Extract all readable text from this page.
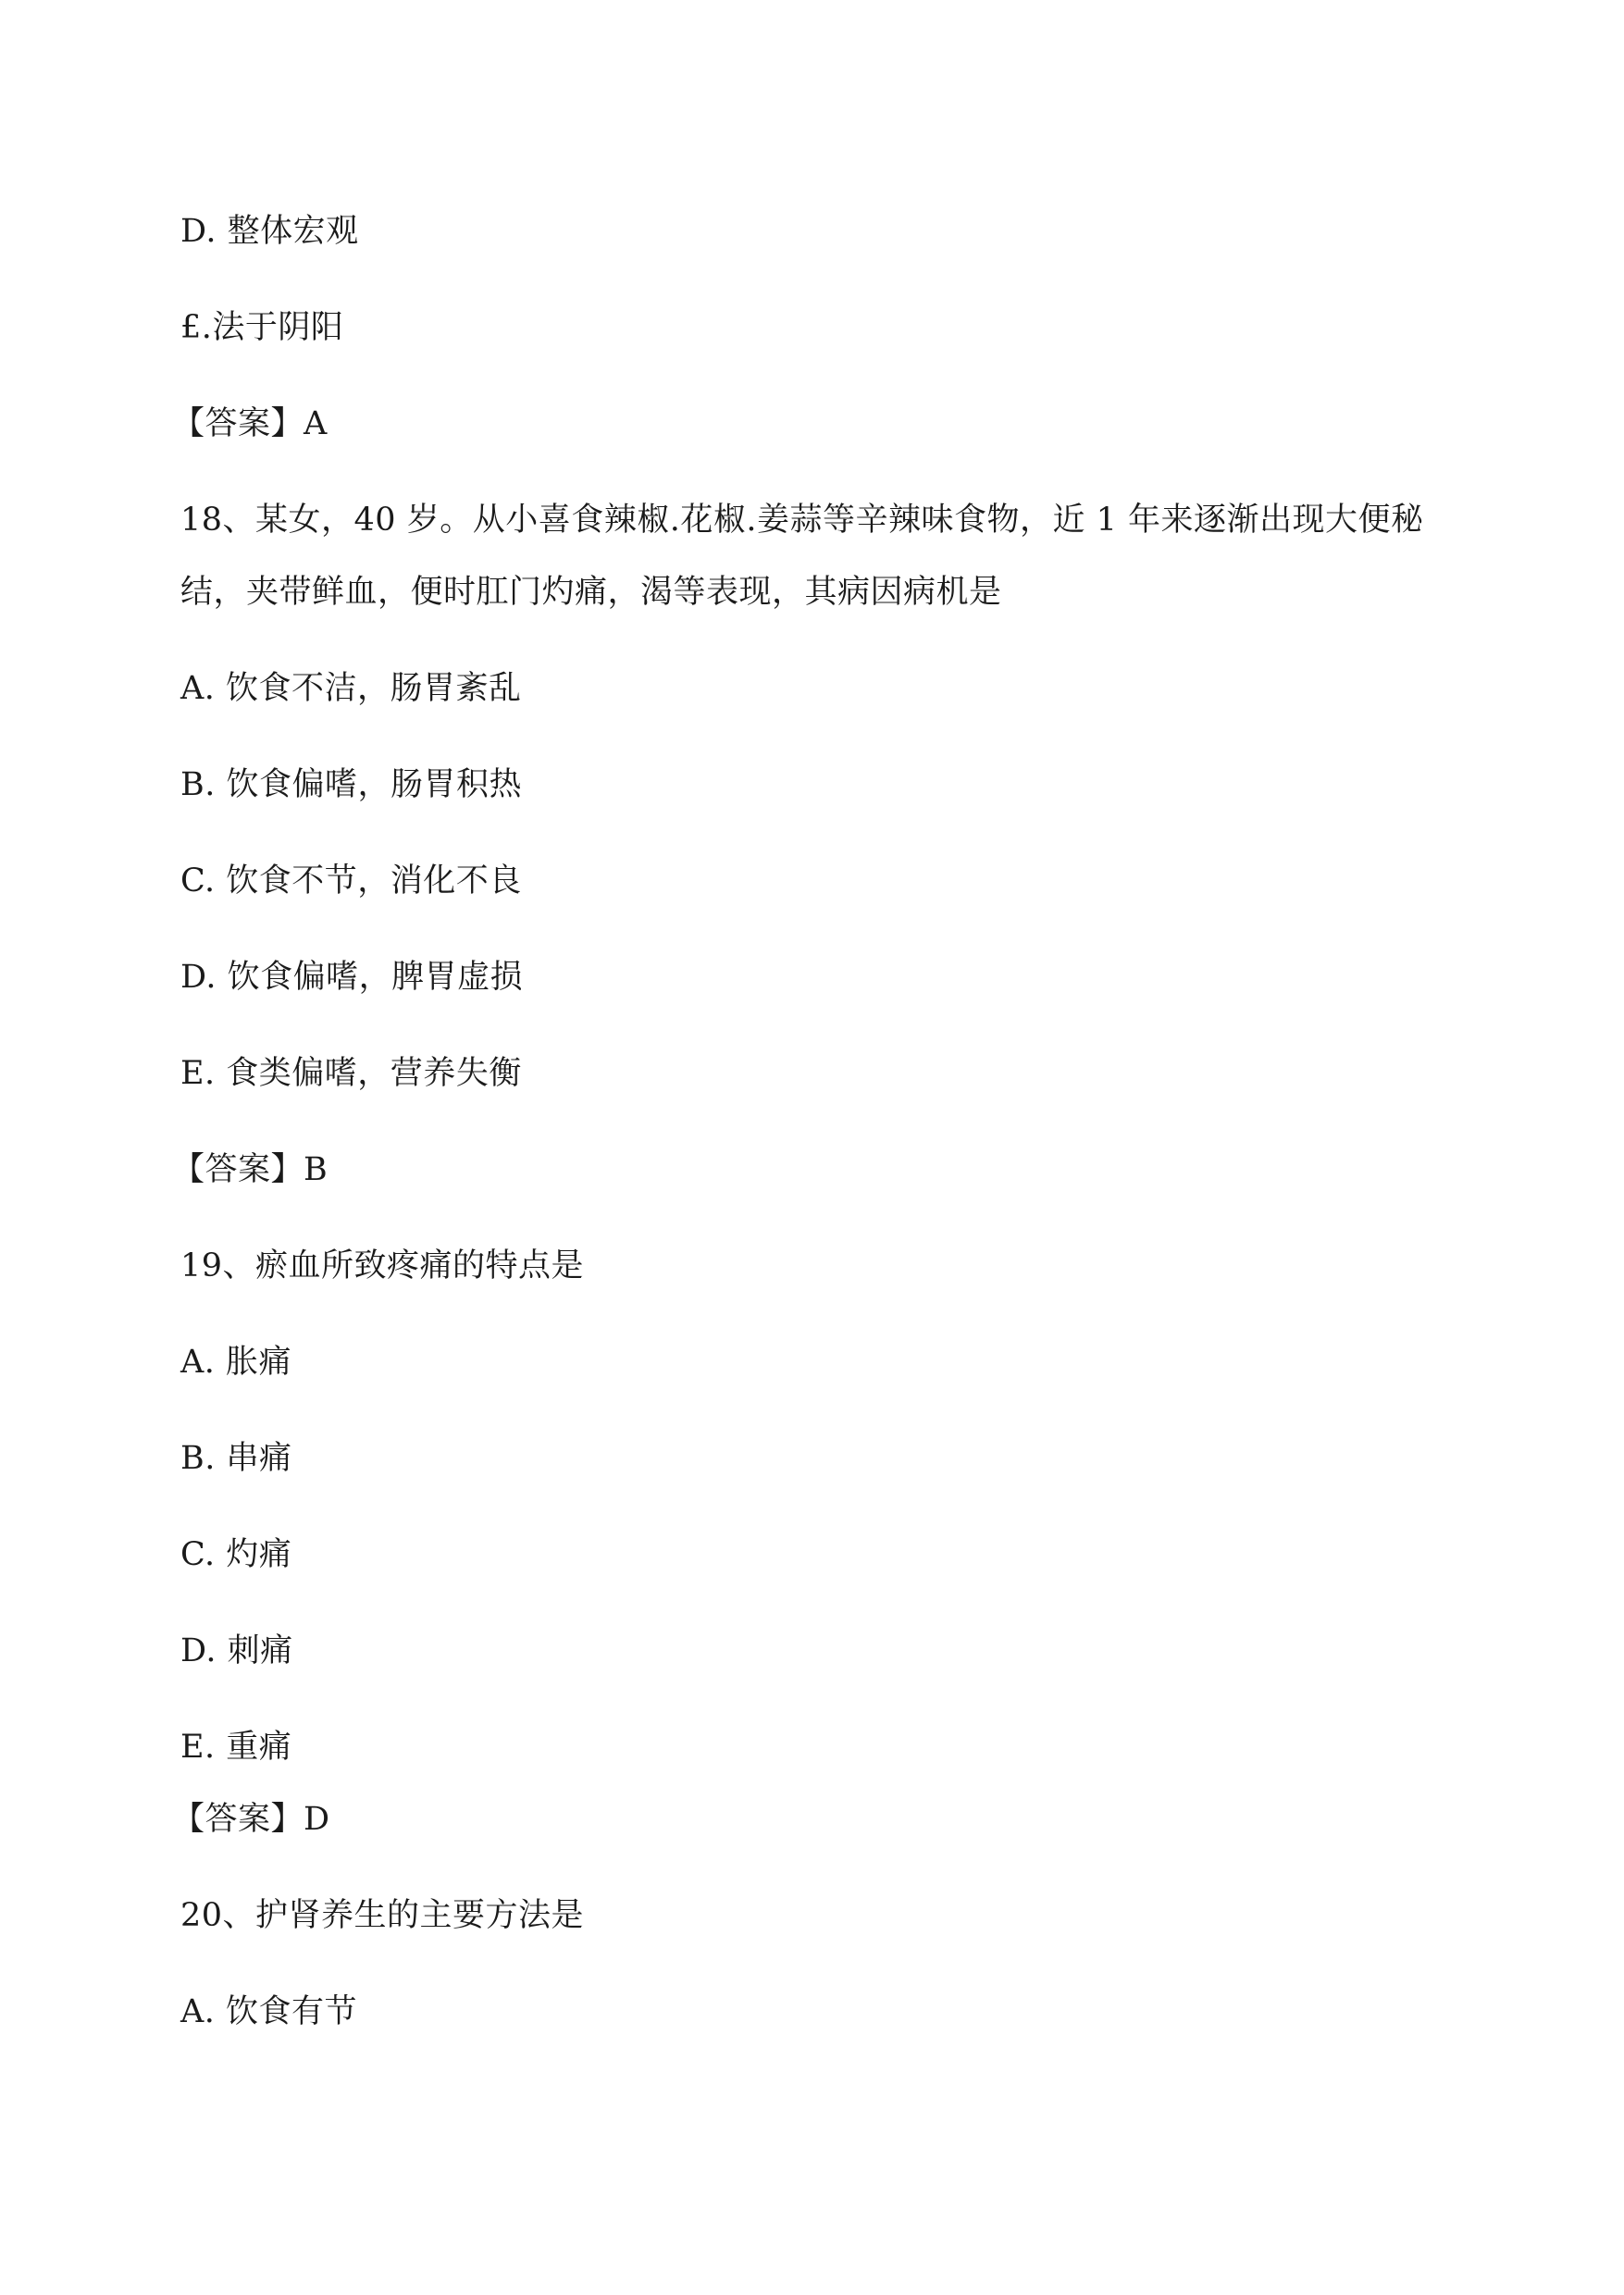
D. 整体宏观
£.法于阴阳
【答案】A
18、某女，40 岁。从小喜食辣椒.花椒.姜蒜等辛辣味食物，近 1 年来逐渐出现大便秘
结，夹带鲜血，便时肛门灼痛，渴等表现，其病因病机是
A. 饮食不洁，肠胃紊乱
B. 饮食偏嗜，肠胃积热
C. 饮食不节，消化不良
D. 饮食偏嗜，脾胃虚损
E. 食类偏嗜，营养失衡
【答案】B
19、瘀血所致疼痛的特点是
A. 胀痛
B. 串痛
C. 灼痛
D. 刺痛
E. 重痛
【答案】D
20、护肾养生的主要方法是
A. 饮食有节
